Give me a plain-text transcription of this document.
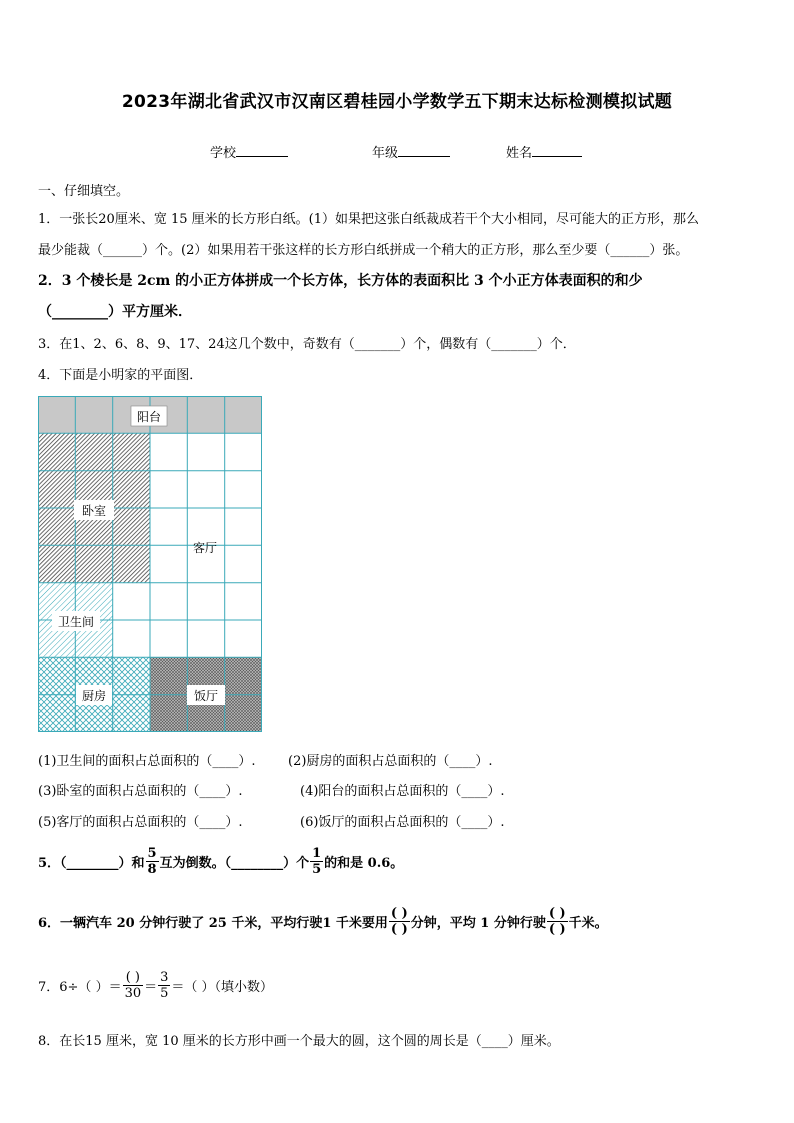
2023年湖北省武汉市汉南区碧桂园小学数学五下期末达标检测模拟试题
学校	年级	姓名
一、仔细填空。
1．一张长20厘米、宽 15 厘米的长方形白纸。(1）如果把这张白纸裁成若干个大小相同，尽可能大的正方形，那么
最少能裁（______）个。(2）如果用若干张这样的长方形白纸拼成一个稍大的正方形，那么至少要（______）张。
2．3 个棱长是 2cm 的小正方体拼成一个长方体，长方体的表面积比 3 个小正方体表面积的和少
（________）平方厘米．
3．在1、2、6、8、9、17、24这几个数中，奇数有（_______）个，偶数有（_______）个．
4．下面是小明家的平面图．
阳台
卧室
客厅
卫生间
厨房	饭厅
(1)卫生间的面积占总面积的（____）. (2)厨房的面积占总面积的（____）.
(3)卧室的面积占总面积的（____）.	(4)阳台的面积占总面积的（____）.
(5)客厅的面积占总面积的（____）.	(6)饭厅的面积占总面积的（____）.
5．（________）和 $\frac{5}{8}$ 互为倒数。（________）个 $\frac{1}{5}$ 的和是 0.6。
6．一辆汽车 20 分钟行驶了 25 千米，平均行驶1 千米要用 $\frac{( )}{( )}$ 分钟，平均 1 分钟行驶 $\frac{( )}{( )}$ 千米。
7．6÷（ ）＝ $\frac{( )}{30} = \frac{3}{5}$ ＝（ ）（填小数）
8．在长15 厘米，宽 10 厘米的长方形中画一个最大的圆，这个圆的周长是（____）厘米。
